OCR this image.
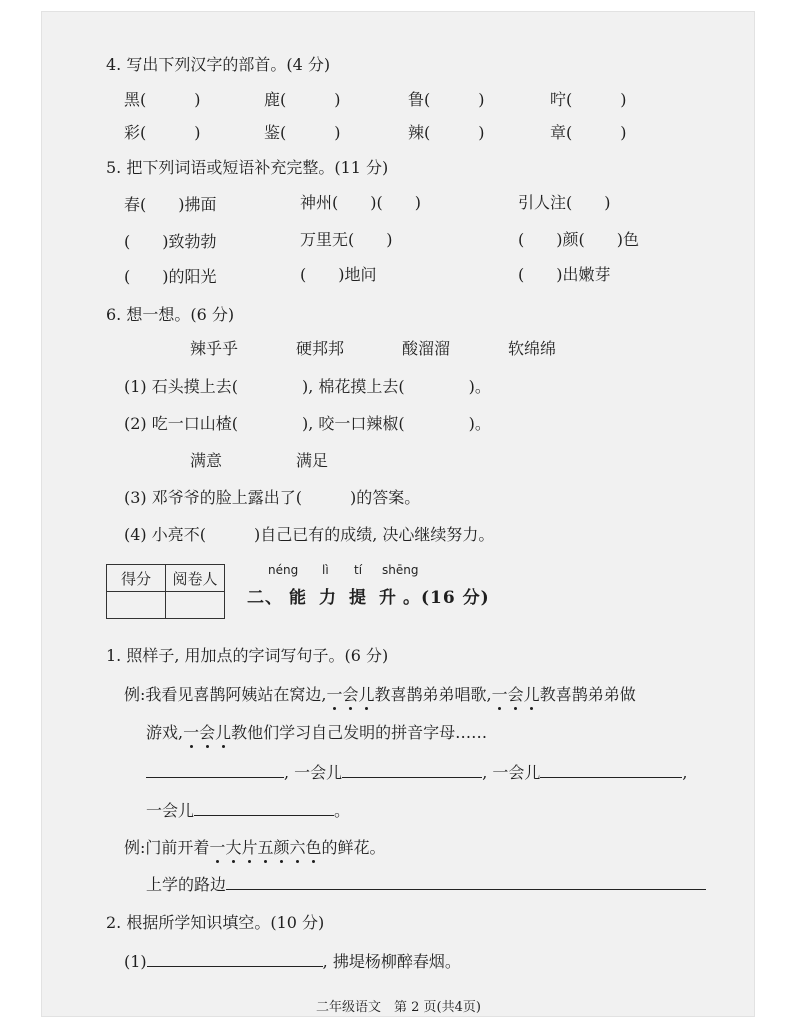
4. 写出下列汉字的部首。(4 分)
黑(　　　)	鹿(　　　)	鲁(　　　)	咛(　　　)
彩(　　　)	鉴(　　　)	辣(　　　)	章(　　　)
5. 把下列词语或短语补充完整。(11 分)
春(　　)拂面	神州(　　)(　　)	引人注(　　)
(　　)致勃勃	万里无(　　)	(　　)颜(　　)色
(　　)的阳光	(　　)地问	(　　)出嫩芽
6. 想一想。(6 分)
辣乎乎	硬邦邦	酸溜溜	软绵绵
(1) 石头摸上去(　　　　), 棉花摸上去(　　　　)。
(2) 吃一口山楂(　　　　), 咬一口辣椒(　　　　)。
满意	满足
(3) 邓爷爷的脸上露出了(　　　)的答案。
(4) 小亮不(　　　)自己已有的成绩, 决心继续努力。
得分	阅卷人
		néng lì tí shēng
二、 能 力 提 升 。(16 分)
1. 照样子, 用加点的字词写句子。(6 分)
例:我看见喜鹊阿姨站在窝边,一会儿教喜鹊弟弟唱歌,一会儿教喜鹊弟弟做
游戏,一会儿教他们学习自己发明的拼音字母……
, 一会儿	, 一会儿	,
一会儿	。
例:门前开着一大片五颜六色的鲜花。
上学的路边
2. 根据所学知识填空。(10 分)
(1)	, 拂堤杨柳醉春烟。
二年级语文　第 2 页(共4页)
